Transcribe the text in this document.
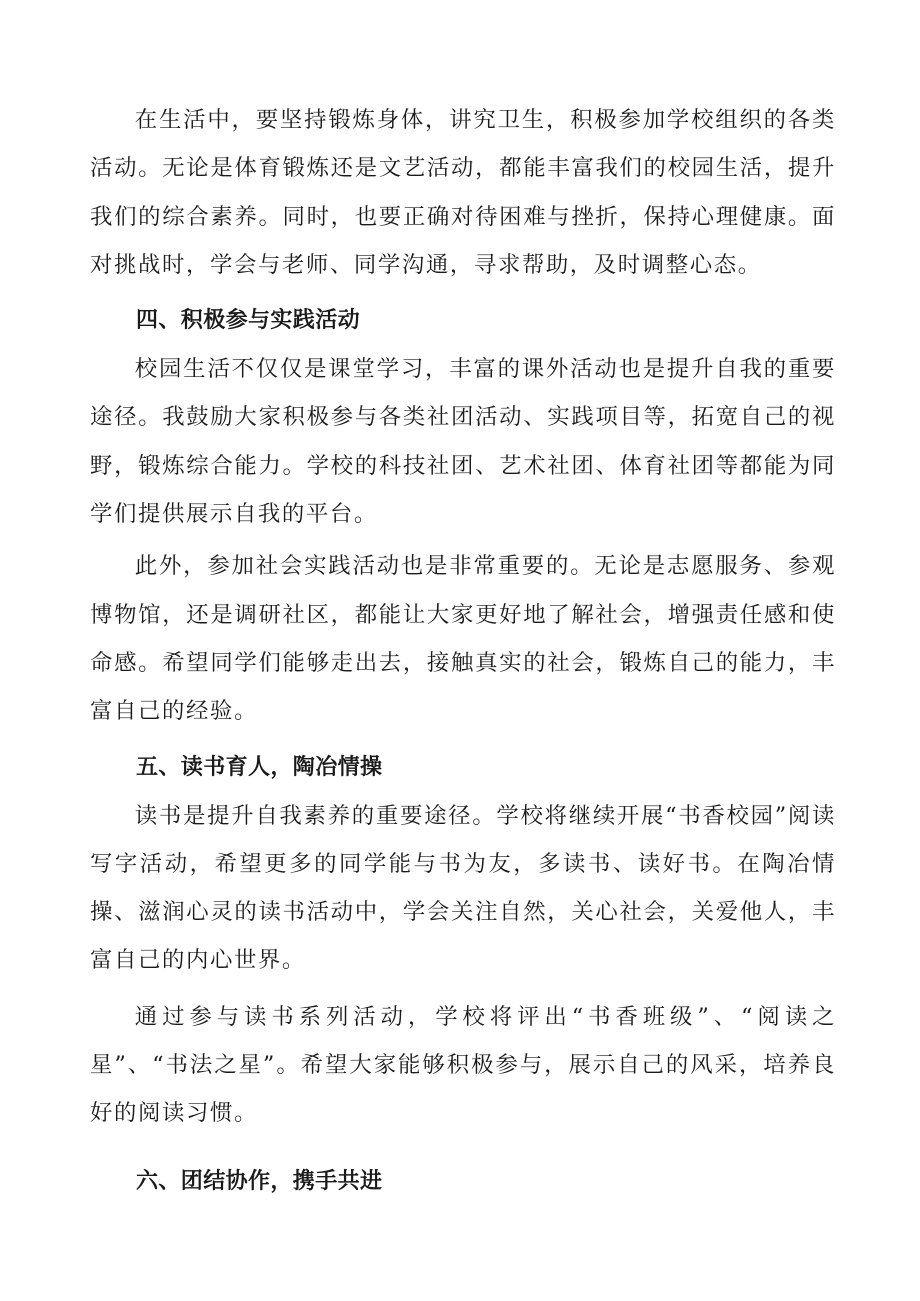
在生活中，要坚持锻炼身体，讲究卫生，积极参加学校组织的各类活动。无论是体育锻炼还是文艺活动，都能丰富我们的校园生活，提升我们的综合素养。同时，也要正确对待困难与挫折，保持心理健康。面对挑战时，学会与老师、同学沟通，寻求帮助，及时调整心态。

四、积极参与实践活动

校园生活不仅仅是课堂学习，丰富的课外活动也是提升自我的重要途径。我鼓励大家积极参与各类社团活动、实践项目等，拓宽自己的视野，锻炼综合能力。学校的科技社团、艺术社团、体育社团等都能为同学们提供展示自我的平台。

此外，参加社会实践活动也是非常重要的。无论是志愿服务、参观博物馆，还是调研社区，都能让大家更好地了解社会，增强责任感和使命感。希望同学们能够走出去，接触真实的社会，锻炼自己的能力，丰富自己的经验。

五、读书育人，陶冶情操

读书是提升自我素养的重要途径。学校将继续开展“书香校园”阅读写字活动，希望更多的同学能与书为友，多读书、读好书。在陶冶情操、滋润心灵的读书活动中，学会关注自然，关心社会，关爱他人，丰富自己的内心世界。

通过参与读书系列活动，学校将评出“书香班级”、“阅读之星”、“书法之星”。希望大家能够积极参与，展示自己的风采，培养良好的阅读习惯。

六、团结协作，携手共进
